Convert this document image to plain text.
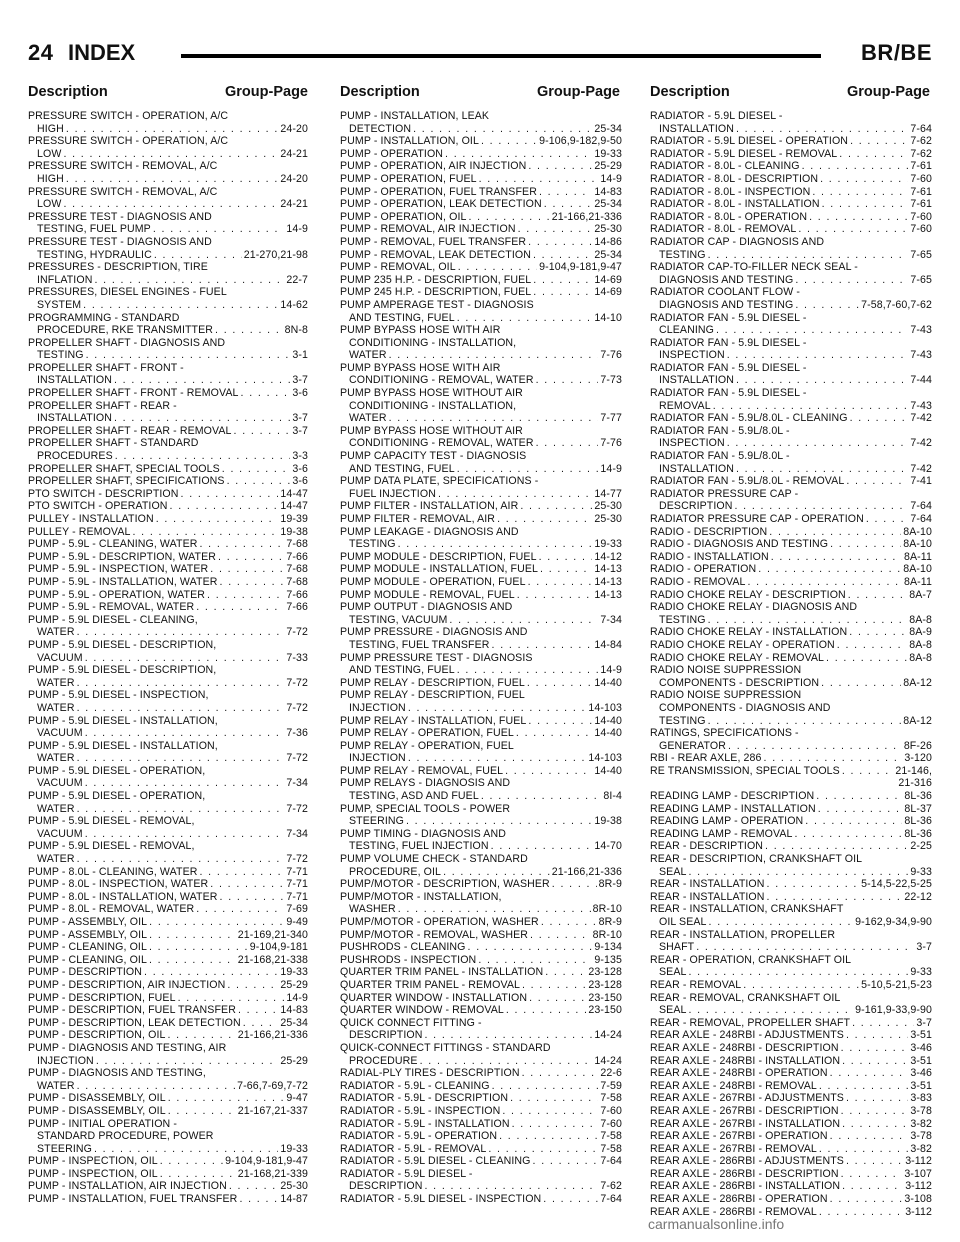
24 INDEX	BR/BE
Description	Group-Page Description	Group-Page Description	Group-Page
PRESSURE SWITCH - OPERATION, A/C
HIGH . . .	24-20
PRESSURE SWITCH - OPERATION, A/C
LOW . . .	24-21
PRESSURE SWITCH - REMOVAL, A/C
HIGH . . .	24-20
PRESSURE SWITCH - REMOVAL, A/C
LOW . . .	24-21
PRESSURE TEST - DIAGNOSIS AND
TESTING, FUEL PUMP . . .	14-9
PRESSURE TEST - DIAGNOSIS AND
TESTING, HYDRAULIC . . .	21-270,21-98
PRESSURES - DESCRIPTION, TIRE
INFLATION . . .	22-7
PRESSURES, DIESEL ENGINES - FUEL
SYSTEM . . .	14-62
PROGRAMMING - STANDARD
PROCEDURE, RKE TRANSMITTER . . .	8N-8
PROPELLER SHAFT - DIAGNOSIS AND
TESTING . . .	3-1
PROPELLER SHAFT - FRONT -
INSTALLATION . . .	3-7
PROPELLER SHAFT - FRONT - REMOVAL . . .	3-6
PROPELLER SHAFT - REAR -
INSTALLATION . . .	3-7
PROPELLER SHAFT - REAR - REMOVAL . . .	3-7
PROPELLER SHAFT - STANDARD
PROCEDURES . . .	3-3
PROPELLER SHAFT, SPECIAL TOOLS . . .	3-6
PROPELLER SHAFT, SPECIFICATIONS . . .	3-6
PTO SWITCH - DESCRIPTION . . .	14-47
PTO SWITCH - OPERATION . . .	14-47
PULLEY - INSTALLATION . . .	19-39
PULLEY - REMOVAL . . .	19-38
PUMP - 5.9L - CLEANING, WATER . . .	7-68
PUMP - 5.9L - DESCRIPTION, WATER . . .	7-66
PUMP - 5.9L - INSPECTION, WATER . . .	7-68
PUMP - 5.9L - INSTALLATION, WATER . . .	7-68
PUMP - 5.9L - OPERATION, WATER . . .	7-66
PUMP - 5.9L - REMOVAL, WATER . . .	7-66
PUMP - 5.9L DIESEL - CLEANING,
WATER . . .	7-72
PUMP - 5.9L DIESEL - DESCRIPTION,
VACUUM . . .	7-33
PUMP - 5.9L DIESEL - DESCRIPTION,
WATER . . .	7-72
PUMP - 5.9L DIESEL - INSPECTION,
WATER . . .	7-72
PUMP - 5.9L DIESEL - INSTALLATION,
VACUUM . . .	7-36
PUMP - 5.9L DIESEL - INSTALLATION,
WATER . . .	7-72
PUMP - 5.9L DIESEL - OPERATION,
VACUUM . . .	7-34
PUMP - 5.9L DIESEL - OPERATION,
WATER . . .	7-72
PUMP - 5.9L DIESEL - REMOVAL,
VACUUM . . .	7-34
PUMP - 5.9L DIESEL - REMOVAL,
WATER . . .	7-72
PUMP - 8.0L - CLEANING, WATER . . .	7-71
PUMP - 8.0L - INSPECTION, WATER . . .	7-71
PUMP - 8.0L - INSTALLATION, WATER . . .	7-71
PUMP - 8.0L - REMOVAL, WATER . . .	7-69
PUMP - ASSEMBLY, OIL . . .	9-49
PUMP - ASSEMBLY, OIL . . .	21-169,21-340
PUMP - CLEANING, OIL . . .	9-104,9-181
PUMP - CLEANING, OIL . . .	21-168,21-338
PUMP - DESCRIPTION . . .	19-33
PUMP - DESCRIPTION, AIR INJECTION . . .	25-29
PUMP - DESCRIPTION, FUEL . . .	14-9
PUMP - DESCRIPTION, FUEL TRANSFER . . .	14-83
PUMP - DESCRIPTION, LEAK DETECTION . . .	25-34
PUMP - DESCRIPTION, OIL . . .	21-166,21-336
PUMP - DIAGNOSIS AND TESTING, AIR
INJECTION . . .	25-29
PUMP - DIAGNOSIS AND TESTING,
WATER . . .	7-66,7-69,7-72
PUMP - DISASSEMBLY, OIL . . .	9-47
PUMP - DISASSEMBLY, OIL . . .	21-167,21-337
PUMP - INITIAL OPERATION -
STANDARD PROCEDURE, POWER
STEERING . . .	19-33
PUMP - INSPECTION, OIL . . .	9-104,9-181,9-47
PUMP - INSPECTION, OIL . . .	21-168,21-339
PUMP - INSTALLATION, AIR INJECTION . . .	25-30
PUMP - INSTALLATION, FUEL TRANSFER . . .	14-87
PUMP - INSTALLATION, LEAK
DETECTION . . .	25-34
PUMP - INSTALLATION, OIL . . .	9-106,9-182,9-50
PUMP - OPERATION . . .	19-33
PUMP - OPERATION, AIR INJECTION . . .	25-29
PUMP - OPERATION, FUEL . . .	14-9
PUMP - OPERATION, FUEL TRANSFER . . .	14-83
PUMP - OPERATION, LEAK DETECTION . . .	25-34
PUMP - OPERATION, OIL . . .	21-166,21-336
PUMP - REMOVAL, AIR INJECTION . . .	25-30
PUMP - REMOVAL, FUEL TRANSFER . . .	14-86
PUMP - REMOVAL, LEAK DETECTION . . .	25-34
PUMP - REMOVAL, OIL . . .	9-104,9-181,9-47
PUMP 235 H.P. - DESCRIPTION, FUEL . . .	14-69
PUMP 245 H.P. - DESCRIPTION, FUEL . . .	14-69
PUMP AMPERAGE TEST - DIAGNOSIS
AND TESTING, FUEL . . .	14-10
PUMP BYPASS HOSE WITH AIR
CONDITIONING - INSTALLATION,
WATER . . .	7-76
PUMP BYPASS HOSE WITH AIR
CONDITIONING - REMOVAL, WATER . . .	7-73
PUMP BYPASS HOSE WITHOUT AIR
CONDITIONING - INSTALLATION,
WATER . . .	7-77
PUMP BYPASS HOSE WITHOUT AIR
CONDITIONING - REMOVAL, WATER . . .	7-76
PUMP CAPACITY TEST - DIAGNOSIS
AND TESTING, FUEL . . .	14-9
PUMP DATA PLATE, SPECIFICATIONS -
FUEL INJECTION . . .	14-77
PUMP FILTER - INSTALLATION, AIR . . .	25-30
PUMP FILTER - REMOVAL, AIR . . .	25-30
PUMP LEAKAGE - DIAGNOSIS AND
TESTING . . .	19-33
PUMP MODULE - DESCRIPTION, FUEL . . .	14-12
PUMP MODULE - INSTALLATION, FUEL . . .	14-13
PUMP MODULE - OPERATION, FUEL . . .	14-13
PUMP MODULE - REMOVAL, FUEL . . .	14-13
PUMP OUTPUT - DIAGNOSIS AND
TESTING, VACUUM . . .	7-34
PUMP PRESSURE - DIAGNOSIS AND
TESTING, FUEL TRANSFER . . .	14-84
PUMP PRESSURE TEST - DIAGNOSIS
AND TESTING, FUEL . . .	14-9
PUMP RELAY - DESCRIPTION, FUEL . . .	14-40
PUMP RELAY - DESCRIPTION, FUEL
INJECTION . . .	14-103
PUMP RELAY - INSTALLATION, FUEL . . .	14-40
PUMP RELAY - OPERATION, FUEL . . .	14-40
PUMP RELAY - OPERATION, FUEL
INJECTION . . .	14-103
PUMP RELAY - REMOVAL, FUEL . . .	14-40
PUMP RELAYS - DIAGNOSIS AND
TESTING, ASD AND FUEL . . .	8I-4
PUMP, SPECIAL TOOLS - POWER
STEERING . . .	19-38
PUMP TIMING - DIAGNOSIS AND
TESTING, FUEL INJECTION . . .	14-70
PUMP VOLUME CHECK - STANDARD
PROCEDURE, OIL . . .	21-166,21-336
PUMP/MOTOR - DESCRIPTION, WASHER . . .	8R-9
PUMP/MOTOR - INSTALLATION,
WASHER . . .	8R-10
PUMP/MOTOR - OPERATION, WASHER . . .	8R-9
PUMP/MOTOR - REMOVAL, WASHER . . .	8R-10
PUSHRODS - CLEANING . . .	9-134
PUSHRODS - INSPECTION . . .	9-135
QUARTER TRIM PANEL - INSTALLATION . . .	23-128
QUARTER TRIM PANEL - REMOVAL . . .	23-128
QUARTER WINDOW - INSTALLATION . . .	23-150
QUARTER WINDOW - REMOVAL . . .	23-150
QUICK CONNECT FITTING -
DESCRIPTION . . .	14-24
QUICK-CONNECT FITTINGS - STANDARD
PROCEDURE . . .	14-24
RADIAL-PLY TIRES - DESCRIPTION . . .	22-6
RADIATOR - 5.9L - CLEANING . . .	7-59
RADIATOR - 5.9L - DESCRIPTION . . .	7-58
RADIATOR - 5.9L - INSPECTION . . .	7-60
RADIATOR - 5.9L - INSTALLATION . . .	7-60
RADIATOR - 5.9L - OPERATION . . .	7-58
RADIATOR - 5.9L - REMOVAL . . .	7-58
RADIATOR - 5.9L DIESEL - CLEANING . . .	7-64
RADIATOR - 5.9L DIESEL -
DESCRIPTION . . .	7-62
RADIATOR - 5.9L DIESEL - INSPECTION . . .	7-64
RADIATOR - 5.9L DIESEL -
INSTALLATION . . .	7-64
RADIATOR - 5.9L DIESEL - OPERATION . . .	7-62
RADIATOR - 5.9L DIESEL - REMOVAL . . .	7-62
RADIATOR - 8.0L - CLEANING . . .	7-61
RADIATOR - 8.0L - DESCRIPTION . . .	7-60
RADIATOR - 8.0L - INSPECTION . . .	7-61
RADIATOR - 8.0L - INSTALLATION . . .	7-61
RADIATOR - 8.0L - OPERATION . . .	7-60
RADIATOR - 8.0L - REMOVAL . . .	7-60
RADIATOR CAP - DIAGNOSIS AND
TESTING . . .	7-65
RADIATOR CAP-TO-FILLER NECK SEAL -
DIAGNOSIS AND TESTING . . .	7-65
RADIATOR COOLANT FLOW -
DIAGNOSIS AND TESTING . . .	7-58,7-60,7-62
RADIATOR FAN - 5.9L DIESEL -
CLEANING . . .	7-43
RADIATOR FAN - 5.9L DIESEL -
INSPECTION . . .	7-43
RADIATOR FAN - 5.9L DIESEL -
INSTALLATION . . .	7-44
RADIATOR FAN - 5.9L DIESEL -
REMOVAL . . .	7-43
RADIATOR FAN - 5.9L/8.0L - CLEANING . . .	7-42
RADIATOR FAN - 5.9L/8.0L -
INSPECTION . . .	7-42
RADIATOR FAN - 5.9L/8.0L -
INSTALLATION . . .	7-42
RADIATOR FAN - 5.9L/8.0L - REMOVAL . . .	7-41
RADIATOR PRESSURE CAP -
DESCRIPTION . . .	7-64
RADIATOR PRESSURE CAP - OPERATION . . .	7-64
RADIO - DESCRIPTION . . .	8A-10
RADIO - DIAGNOSIS AND TESTING . . .	8A-10
RADIO - INSTALLATION . . .	8A-11
RADIO - OPERATION . . .	8A-10
RADIO - REMOVAL . . .	8A-11
RADIO CHOKE RELAY - DESCRIPTION . . .	8A-7
RADIO CHOKE RELAY - DIAGNOSIS AND
TESTING . . .	8A-8
RADIO CHOKE RELAY - INSTALLATION . . .	8A-9
RADIO CHOKE RELAY - OPERATION . . .	8A-8
RADIO CHOKE RELAY - REMOVAL . . .	8A-8
RADIO NOISE SUPPRESSION
COMPONENTS - DESCRIPTION . . .	8A-12
RADIO NOISE SUPPRESSION
COMPONENTS - DIAGNOSIS AND
TESTING . . .	8A-12
RATINGS, SPECIFICATIONS -
GENERATOR . . .	8F-26
RBI - REAR AXLE, 286 . . .	3-120
RE TRANSMISSION, SPECIAL TOOLS . . .	21-146,
21-316
READING LAMP - DESCRIPTION . . .	8L-36
READING LAMP - INSTALLATION . . .	8L-37
READING LAMP - OPERATION . . .	8L-36
READING LAMP - REMOVAL . . .	8L-36
REAR - DESCRIPTION . . .	2-25
REAR - DESCRIPTION, CRANKSHAFT OIL
SEAL . . .	9-33
REAR - INSTALLATION . . .	5-14,5-22,5-25
REAR - INSTALLATION . . .	22-12
REAR - INSTALLATION, CRANKSHAFT
OIL SEAL . . .	9-162,9-34,9-90
REAR - INSTALLATION, PROPELLER
SHAFT . . .	3-7
REAR - OPERATION, CRANKSHAFT OIL
SEAL . . .	9-33
REAR - REMOVAL . . .	5-10,5-21,5-23
REAR - REMOVAL, CRANKSHAFT OIL
SEAL . . .	9-161,9-33,9-90
REAR - REMOVAL, PROPELLER SHAFT . . .	3-7
REAR AXLE - 248RBI - ADJUSTMENTS . . .	3-51
REAR AXLE - 248RBI - DESCRIPTION . . .	3-46
REAR AXLE - 248RBI - INSTALLATION . . .	3-51
REAR AXLE - 248RBI - OPERATION . . .	3-46
REAR AXLE - 248RBI - REMOVAL . . .	3-51
REAR AXLE - 267RBI - ADJUSTMENTS . . .	3-83
REAR AXLE - 267RBI - DESCRIPTION . . .	3-78
REAR AXLE - 267RBI - INSTALLATION . . .	3-82
REAR AXLE - 267RBI - OPERATION . . .	3-78
REAR AXLE - 267RBI - REMOVAL . . .	3-82
REAR AXLE - 286RBI - ADJUSTMENTS . . .	3-112
REAR AXLE - 286RBI - DESCRIPTION . . .	3-107
REAR AXLE - 286RBI - INSTALLATION . . .	3-112
REAR AXLE - 286RBI - OPERATION . . .	3-108
REAR AXLE - 286RBI - REMOVAL . . .	3-112
carmanualsonline.info
